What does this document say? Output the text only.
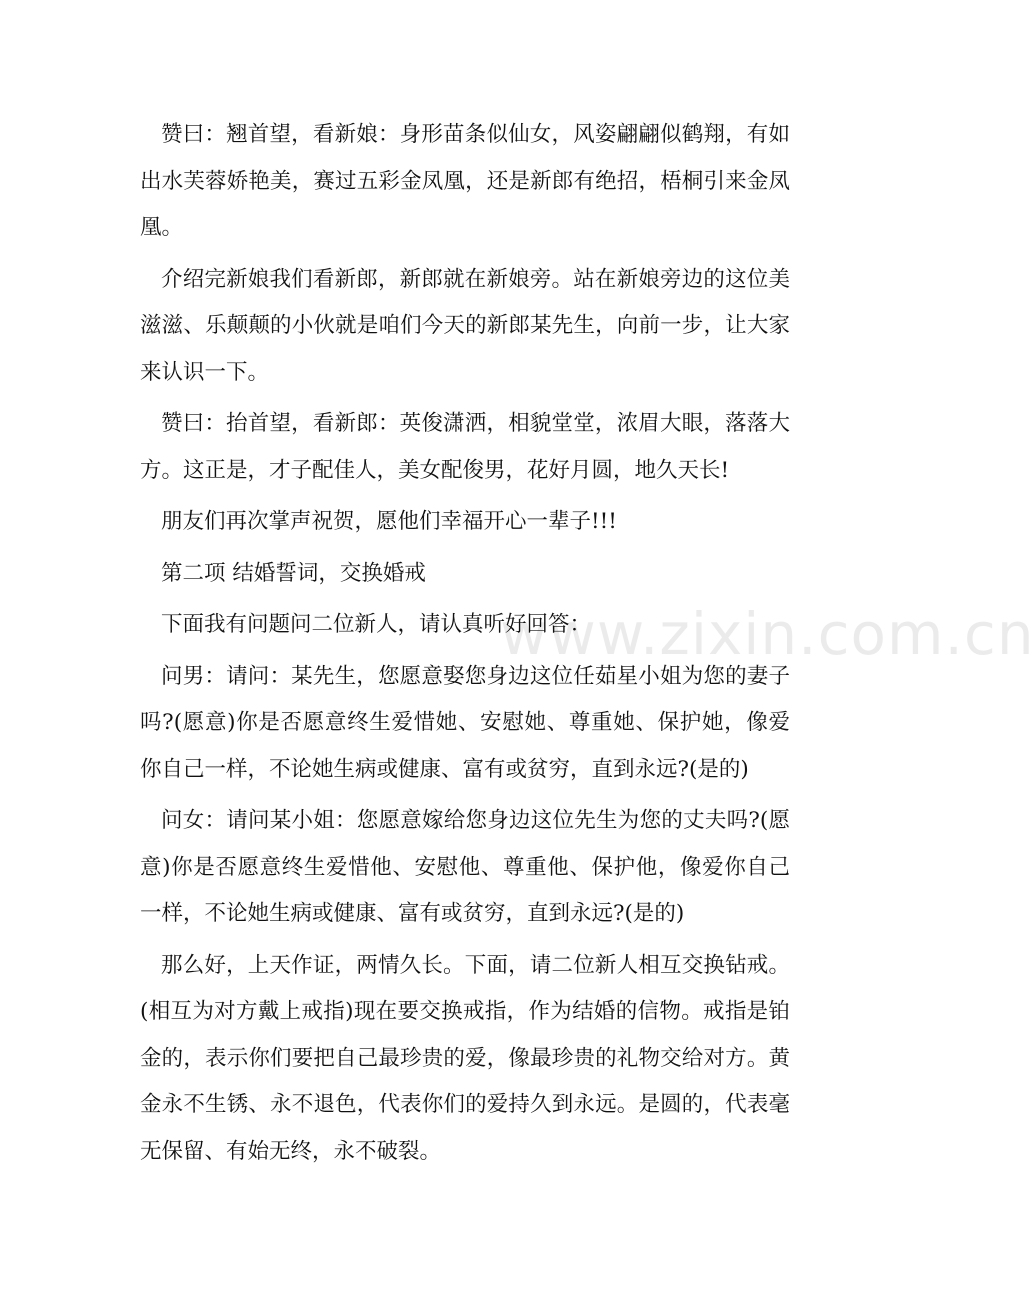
赞曰：翘首望，看新娘：身形苗条似仙女，风姿翩翩似鹤翔，有如出水芙蓉娇艳美，赛过五彩金凤凰，还是新郎有绝招，梧桐引来金凤凰。

介绍完新娘我们看新郎，新郎就在新娘旁。站在新娘旁边的这位美滋滋、乐颠颠的小伙就是咱们今天的新郎某先生，向前一步，让大家来认识一下。

赞曰：抬首望，看新郎：英俊潇洒，相貌堂堂，浓眉大眼，落落大方。这正是，才子配佳人，美女配俊男，花好月圆，地久天长!

朋友们再次掌声祝贺，愿他们幸福开心一辈子!!!

第二项 结婚誓词，交换婚戒

下面我有问题问二位新人，请认真听好回答：

问男：请问：某先生，您愿意娶您身边这位任茹星小姐为您的妻子吗?(愿意)你是否愿意终生爱惜她、安慰她、尊重她、保护她，像爱你自己一样，不论她生病或健康、富有或贫穷，直到永远?(是的)

问女：请问某小姐：您愿意嫁给您身边这位先生为您的丈夫吗?(愿意)你是否愿意终生爱惜他、安慰他、尊重他、保护他，像爱你自己一样，不论她生病或健康、富有或贫穷，直到永远?(是的)

那么好，上天作证，两情久长。下面，请二位新人相互交换钻戒。(相互为对方戴上戒指)现在要交换戒指，作为结婚的信物。戒指是铂金的，表示你们要把自己最珍贵的爱，像最珍贵的礼物交给对方。黄金永不生锈、永不退色，代表你们的爱持久到永远。是圆的，代表毫无保留、有始无终，永不破裂。

www.zixin.com.cn
